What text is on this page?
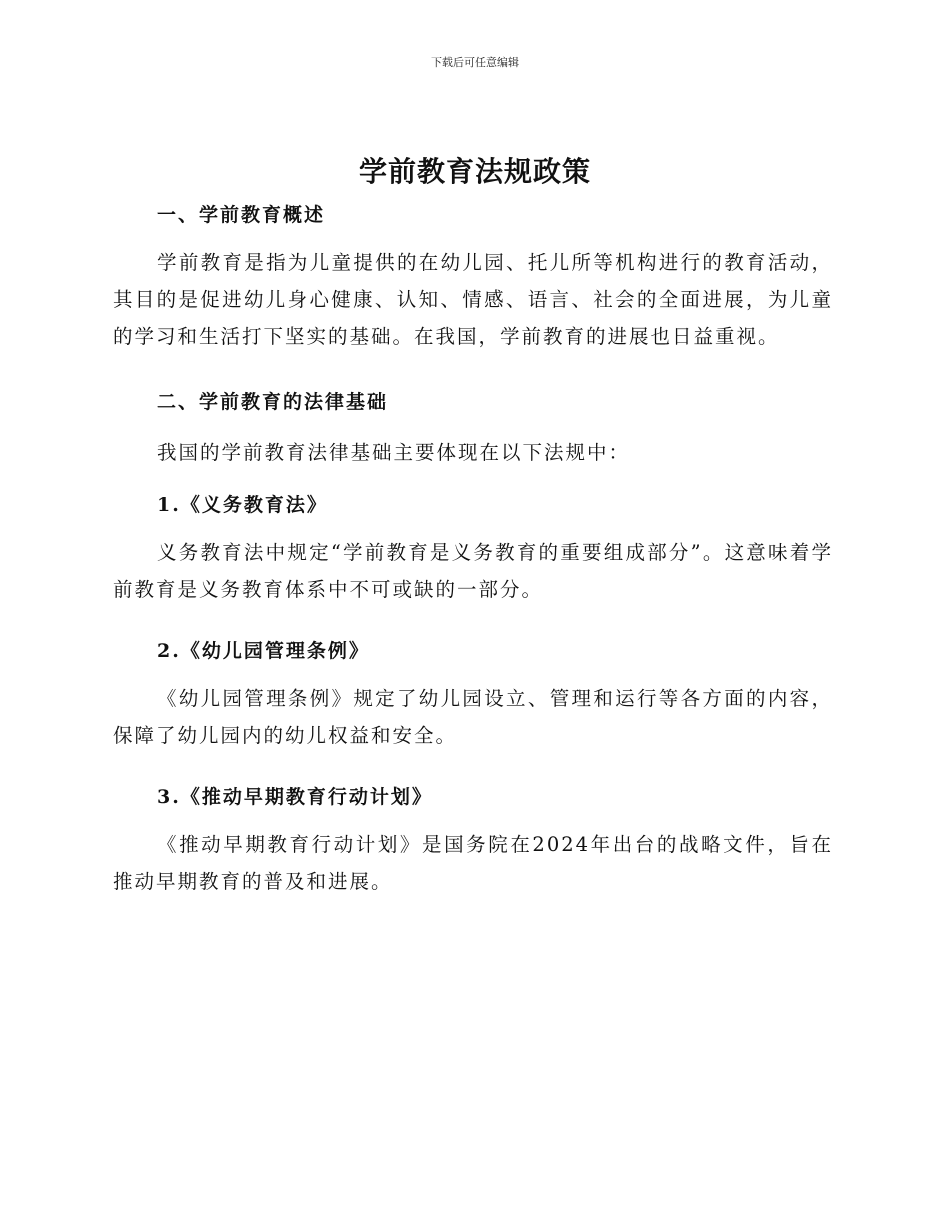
下载后可任意编辑
学前教育法规政策
一、学前教育概述
学前教育是指为儿童提供的在幼儿园、托儿所等机构进行的教育活动，其目的是促进幼儿身心健康、认知、情感、语言、社会的全面进展，为儿童的学习和生活打下坚实的基础。在我国，学前教育的进展也日益重视。
二、学前教育的法律基础
我国的学前教育法律基础主要体现在以下法规中：
1.《义务教育法》
义务教育法中规定“学前教育是义务教育的重要组成部分”。这意味着学前教育是义务教育体系中不可或缺的一部分。
2.《幼儿园管理条例》
《幼儿园管理条例》规定了幼儿园设立、管理和运行等各方面的内容，保障了幼儿园内的幼儿权益和安全。
3.《推动早期教育行动计划》
《推动早期教育行动计划》是国务院在2024年出台的战略文件，旨在推动早期教育的普及和进展。
